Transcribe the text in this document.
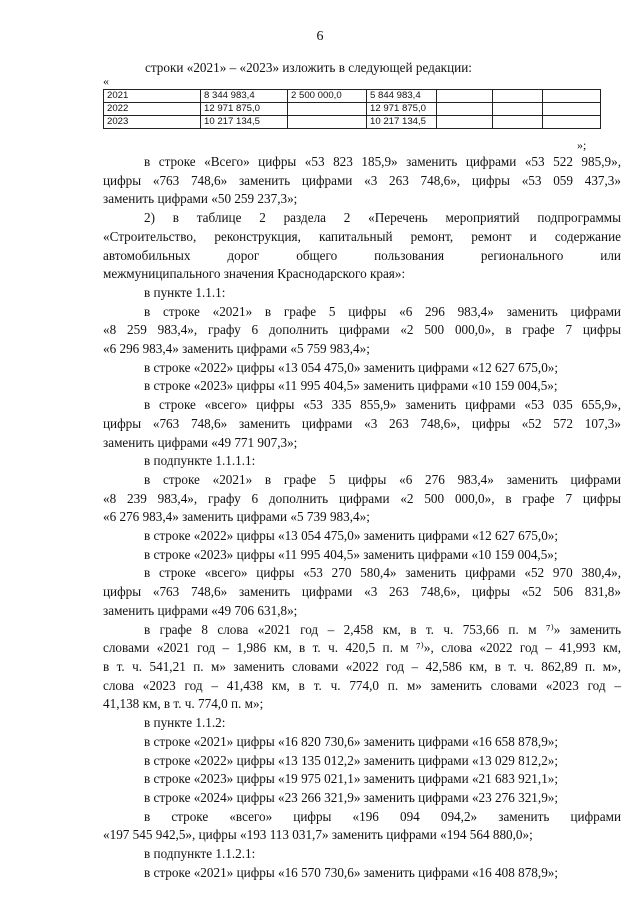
6
строки «2021» – «2023» изложить в следующей редакции:
«
2021	8 344 983,4	2 500 000,0	5 844 983,4			
2022	12 971 875,0		12 971 875,0			
2023	10 217 134,5		10 217 134,5			
»;

в строке «Всего» цифры «53 823 185,9» заменить цифрами «53 522 985,9»,

цифры «763 748,6» заменить цифрами «3 263 748,6», цифры «53 059 437,3»

заменить цифрами «50 259 237,3»;

2) в таблице 2 раздела 2 «Перечень мероприятий подпрограммы

«Строительство, реконструкция, капитальный ремонт, ремонт и содержание

автомобильных дорог общего пользования регионального или

межмуниципального значения Краснодарского края»:

в пункте 1.1.1:

в строке «2021» в графе 5 цифры «6 296 983,4» заменить цифрами

«8 259 983,4», графу 6 дополнить цифрами «2 500 000,0», в графе 7 цифры

«6 296 983,4» заменить цифрами «5 759 983,4»;

в строке «2022» цифры «13 054 475,0» заменить цифрами «12 627 675,0»;

в строке «2023» цифры «11 995 404,5» заменить цифрами «10 159 004,5»;

в строке «всего» цифры «53 335 855,9» заменить цифрами «53 035 655,9»,

цифры «763 748,6» заменить цифрами «3 263 748,6», цифры «52 572 107,3»

заменить цифрами «49 771 907,3»;

в подпункте 1.1.1.1:

в строке «2021» в графе 5 цифры «6 276 983,4» заменить цифрами

«8 239 983,4», графу 6 дополнить цифрами «2 500 000,0», в графе 7 цифры

«6 276 983,4» заменить цифрами «5 739 983,4»;

в строке «2022» цифры «13 054 475,0» заменить цифрами «12 627 675,0»;

в строке «2023» цифры «11 995 404,5» заменить цифрами «10 159 004,5»;

в строке «всего» цифры «53 270 580,4» заменить цифрами «52 970 380,4»,

цифры «763 748,6» заменить цифрами «3 263 748,6», цифры «52 506 831,8»

заменить цифрами «49 706 631,8»;

в графе 8 слова «2021 год – 2,458 км, в т. ч. 753,66 п. м ⁷⁾» заменить

словами «2021 год – 1,986 км, в т. ч. 420,5 п. м ⁷⁾», слова «2022 год – 41,993 км,

в т. ч. 541,21 п. м» заменить словами «2022 год – 42,586 км, в т. ч. 862,89 п. м»,

слова «2023 год – 41,438 км, в т. ч. 774,0 п. м» заменить словами «2023 год –

41,138 км, в т. ч. 774,0 п. м»;

в пункте 1.1.2:

в строке «2021» цифры «16 820 730,6» заменить цифрами «16 658 878,9»;

в строке «2022» цифры «13 135 012,2» заменить цифрами «13 029 812,2»;

в строке «2023» цифры «19 975 021,1» заменить цифрами «21 683 921,1»;

в строке «2024» цифры «23 266 321,9» заменить цифрами «23 276 321,9»;

в строке «всего» цифры «196 094 094,2» заменить цифрами

«197 545 942,5», цифры «193 113 031,7» заменить цифрами «194 564 880,0»;

в подпункте 1.1.2.1:

в строке «2021» цифры «16 570 730,6» заменить цифрами «16 408 878,9»;
